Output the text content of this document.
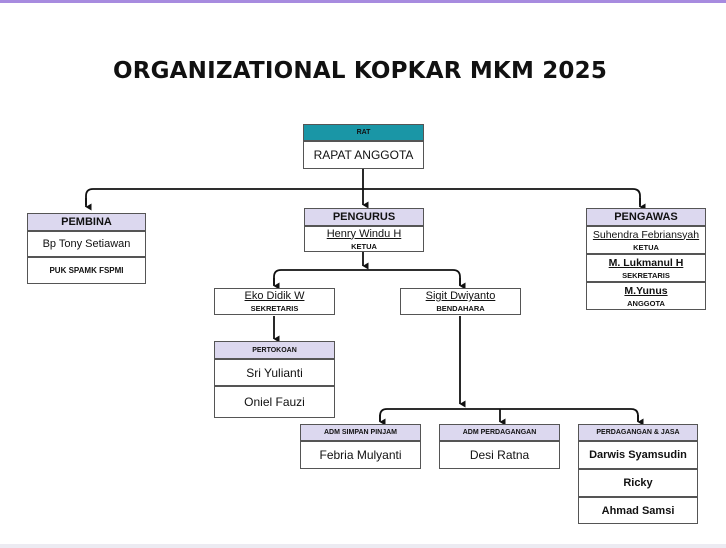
ORGANIZATIONAL KOPKAR MKM 2025
RAT
RAPAT ANGGOTA
PEMBINA
Bp Tony Setiawan
PUK SPAMK FSPMI
PENGURUS
Henry Windu H
KETUA
PENGAWAS
Suhendra Febriansyah
KETUA
M. Lukmanul H
SEKRETARIS
M.Yunus
ANGGOTA
Eko Didik W
SEKRETARIS
Sigit Dwiyanto
BENDAHARA
PERTOKOAN
Sri Yulianti
Oniel Fauzi
ADM SIMPAN PINJAM
Febria Mulyanti
ADM PERDAGANGAN
Desi Ratna
PERDAGANGAN & JASA
Darwis Syamsudin
Ricky
Ahmad Samsi
